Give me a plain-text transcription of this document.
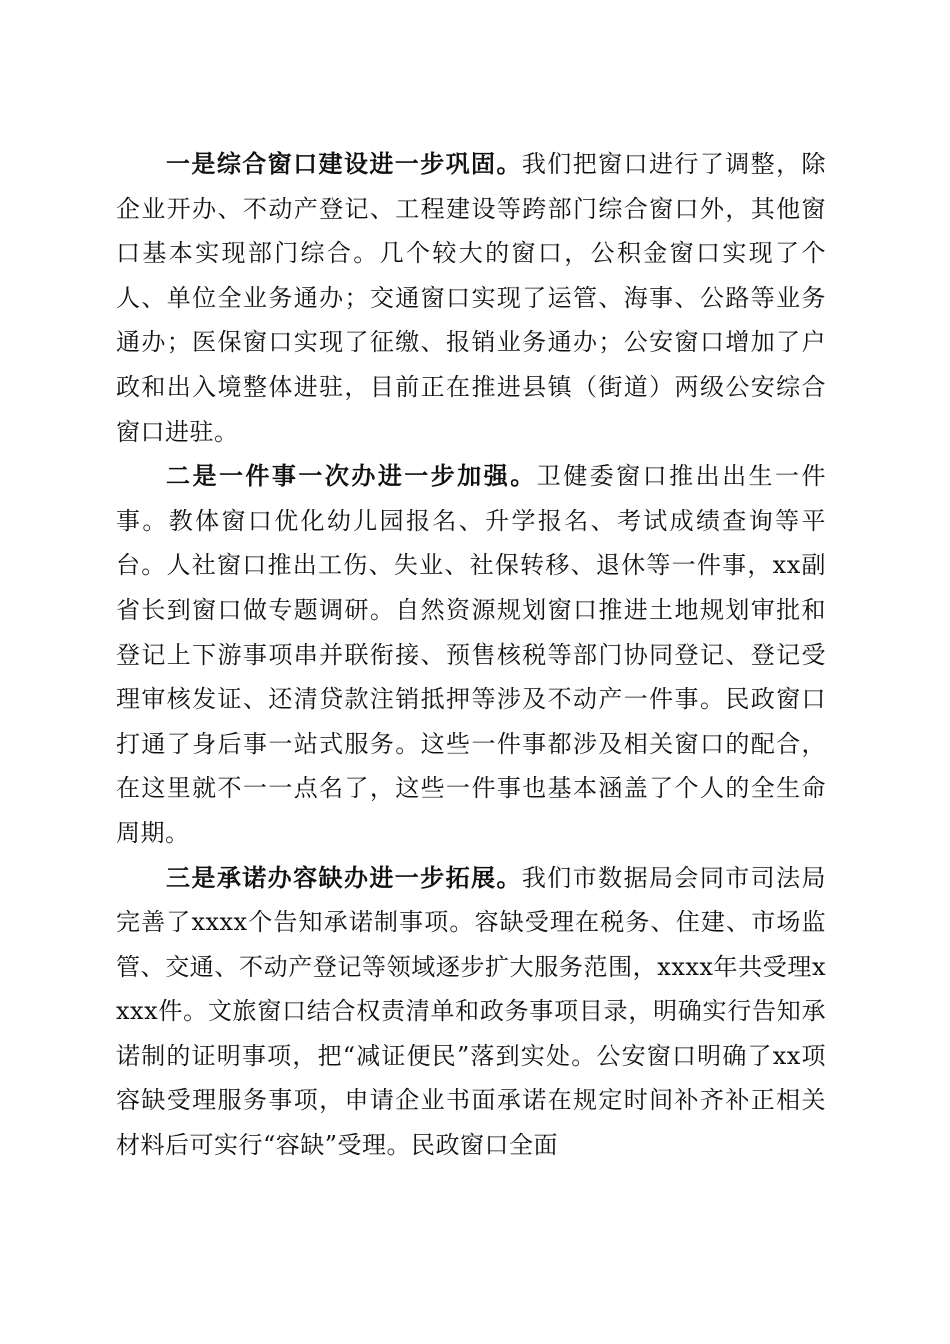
一是综合窗口建设进一步巩固。我们把窗口进行了调整，除企业开办、不动产登记、工程建设等跨部门综合窗口外，其他窗口基本实现部门综合。几个较大的窗口，公积金窗口实现了个人、单位全业务通办；交通窗口实现了运管、海事、公路等业务通办；医保窗口实现了征缴、报销业务通办；公安窗口增加了户政和出入境整体进驻，目前正在推进县镇（街道）两级公安综合窗口进驻。

二是一件事一次办进一步加强。卫健委窗口推出出生一件事。教体窗口优化幼儿园报名、升学报名、考试成绩查询等平台。人社窗口推出工伤、失业、社保转移、退休等一件事，xx副省长到窗口做专题调研。自然资源规划窗口推进土地规划审批和登记上下游事项串并联衔接、预售核税等部门协同登记、登记受理审核发证、还清贷款注销抵押等涉及不动产一件事。民政窗口打通了身后事一站式服务。这些一件事都涉及相关窗口的配合，在这里就不一一点名了，这些一件事也基本涵盖了个人的全生命周期。

三是承诺办容缺办进一步拓展。我们市数据局会同市司法局完善了xxxx个告知承诺制事项。容缺受理在税务、住建、市场监管、交通、不动产登记等领域逐步扩大服务范围，xxxx年共受理xxxx件。文旅窗口结合权责清单和政务事项目录，明确实行告知承诺制的证明事项，把“减证便民”落到实处。公安窗口明确了xx项容缺受理服务事项，申请企业书面承诺在规定时间补齐补正相关材料后可实行“容缺”受理。民政窗口全面
